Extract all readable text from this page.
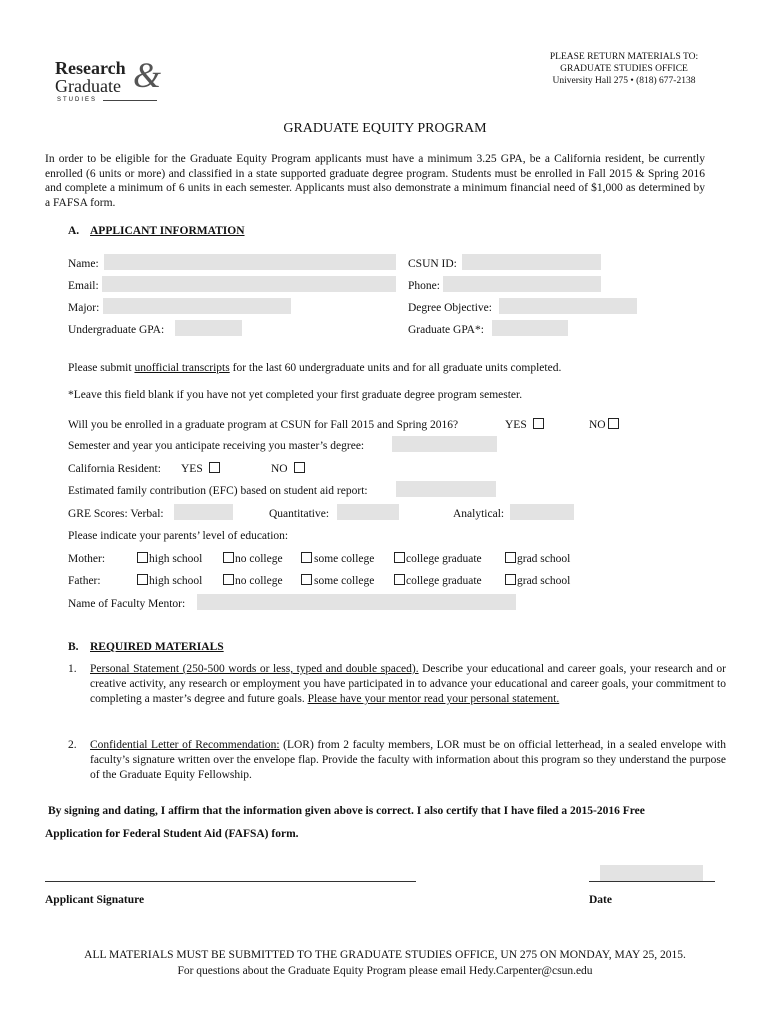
Research
Graduate &
STUDIES
PLEASE RETURN MATERIALS TO:
GRADUATE STUDIES OFFICE
University Hall 275 • (818) 677-2138
GRADUATE EQUITY PROGRAM
In order to be eligible for the Graduate Equity Program applicants must have a minimum 3.25 GPA, be a California resident, be currently enrolled (6 units or more) and classified in a state supported graduate degree program. Students must be enrolled in Fall 2015 & Spring 2016 and complete a minimum of 6 units in each semester. Applicants must also demonstrate a minimum financial need of $1,000 as determined by a FAFSA form.
A. APPLICANT INFORMATION
Name:	CSUN ID:
Email:	Phone:
Major:	Degree Objective:
Undergraduate GPA:	Graduate GPA*:
Please submit unofficial transcripts for the last 60 undergraduate units and for all graduate units completed.
*Leave this field blank if you have not yet completed your first graduate degree program semester.
Will you be enrolled in a graduate program at CSUN for Fall 2015 and Spring 2016?	YES	NO
Semester and year you anticipate receiving you master’s degree:
California Resident: YES	NO
Estimated family contribution (EFC) based on student aid report:
GRE Scores: Verbal:	Quantitative:	Analytical:
Please indicate your parents’ level of education:
Mother:	high school	no college	some college	college graduate	grad school
Father:	high school	no college	some college	college graduate	grad school
Name of Faculty Mentor:
B. REQUIRED MATERIALS
1. Personal Statement (250-500 words or less, typed and double spaced). Describe your educational and career goals, your research and or creative activity, any research or employment you have participated in to advance your educational and career goals, your commitment to completing a master’s degree and future goals. Please have your mentor read your personal statement.
2. Confidential Letter of Recommendation: (LOR) from 2 faculty members, LOR must be on official letterhead, in a sealed envelope with faculty’s signature written over the envelope flap. Provide the faculty with information about this program so they understand the purpose of the Graduate Equity Fellowship.
By signing and dating, I affirm that the information given above is correct. I also certify that I have filed a 2015-2016 Free
Application for Federal Student Aid (FAFSA) form.
Applicant Signature	Date
ALL MATERIALS MUST BE SUBMITTED TO THE GRADUATE STUDIES OFFICE, UN 275 ON MONDAY, MAY 25, 2015.
For questions about the Graduate Equity Program please email Hedy.Carpenter@csun.edu
